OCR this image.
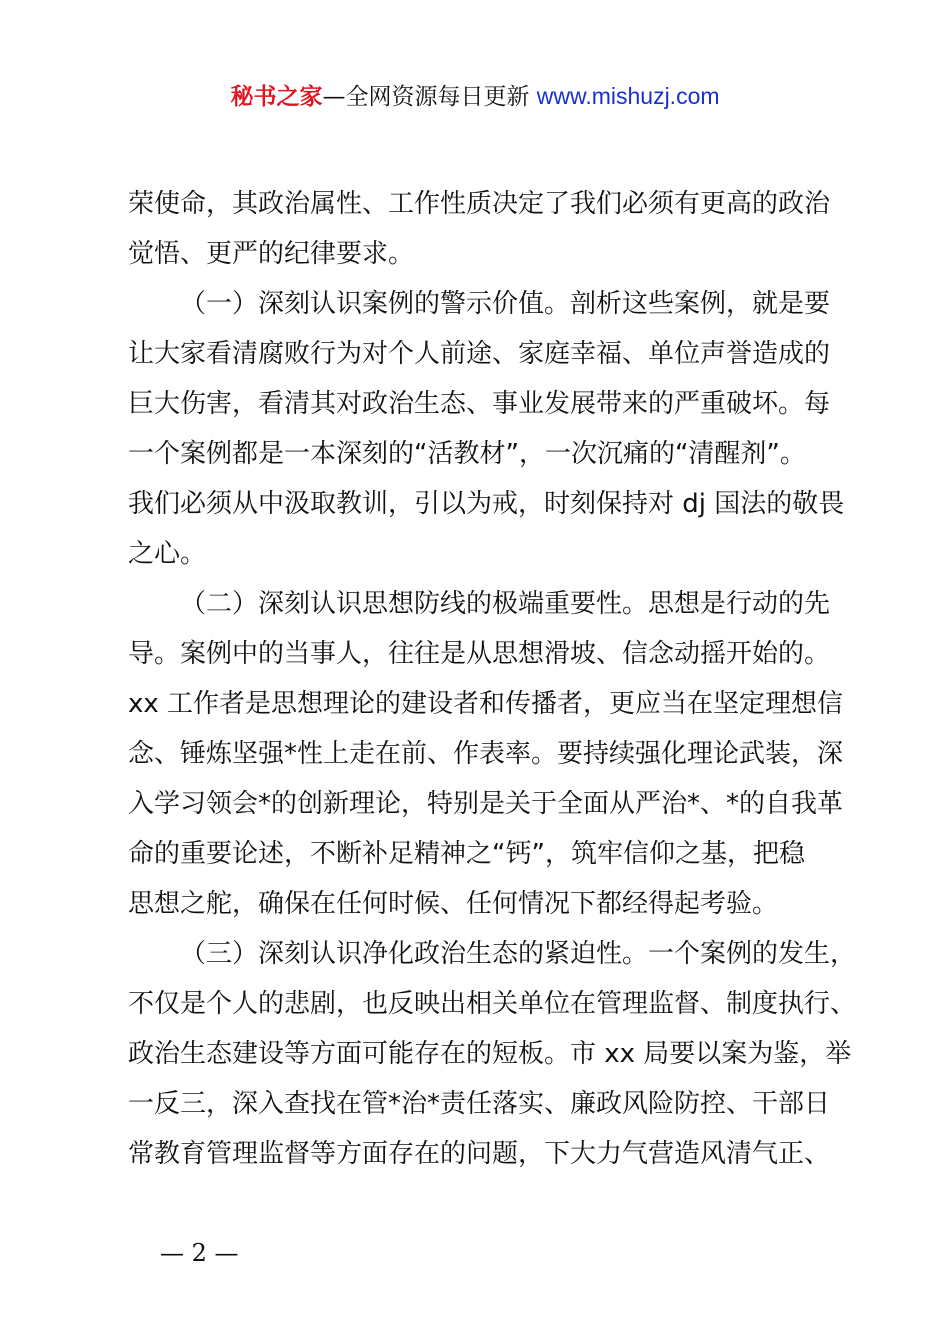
秘书之家—全网资源每日更新 www.mishuzj.com
荣使命，其政治属性、工作性质决定了我们必须有更高的政治
觉悟、更严的纪律要求。
（一）深刻认识案例的警示价值。剖析这些案例，就是要
让大家看清腐败行为对个人前途、家庭幸福、单位声誉造成的
巨大伤害，看清其对政治生态、事业发展带来的严重破坏。每
一个案例都是一本深刻的“活教材”，一次沉痛的“清醒剂”。
我们必须从中汲取教训，引以为戒，时刻保持对 dj 国法的敬畏
之心。
（二）深刻认识思想防线的极端重要性。思想是行动的先
导。案例中的当事人，往往是从思想滑坡、信念动摇开始的。
xx 工作者是思想理论的建设者和传播者，更应当在坚定理想信
念、锤炼坚强*性上走在前、作表率。要持续强化理论武装，深
入学习领会*的创新理论，特别是关于全面从严治*、*的自我革
命的重要论述，不断补足精神之“钙”，筑牢信仰之基，把稳
思想之舵，确保在任何时候、任何情况下都经得起考验。
（三）深刻认识净化政治生态的紧迫性。一个案例的发生，
不仅是个人的悲剧，也反映出相关单位在管理监督、制度执行、
政治生态建设等方面可能存在的短板。市 xx 局要以案为鉴，举
一反三，深入查找在管*治*责任落实、廉政风险防控、干部日
常教育管理监督等方面存在的问题，下大力气营造风清气正、
— 2 —
